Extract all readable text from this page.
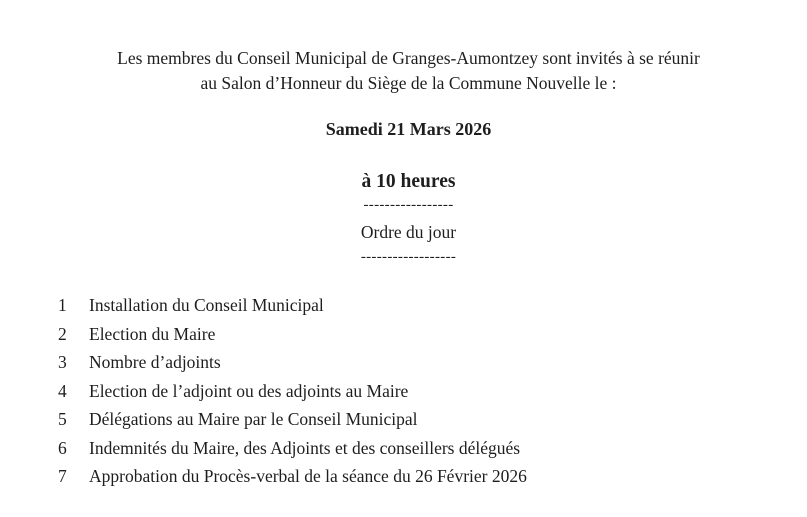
Les membres du Conseil Municipal de Granges-Aumontzey sont invités à se réunir
au Salon d’Honneur du Siège de la Commune Nouvelle le :
Samedi 21 Mars 2026
à 10 heures
-----------------
Ordre du jour
------------------
1 Installation du Conseil Municipal
2 Election du Maire
3 Nombre d’adjoints
4 Election de l’adjoint ou des adjoints au Maire
5 Délégations au Maire par le Conseil Municipal
6 Indemnités du Maire, des Adjoints et des conseillers délégués
7 Approbation du Procès-verbal de la séance du 26 Février 2026
